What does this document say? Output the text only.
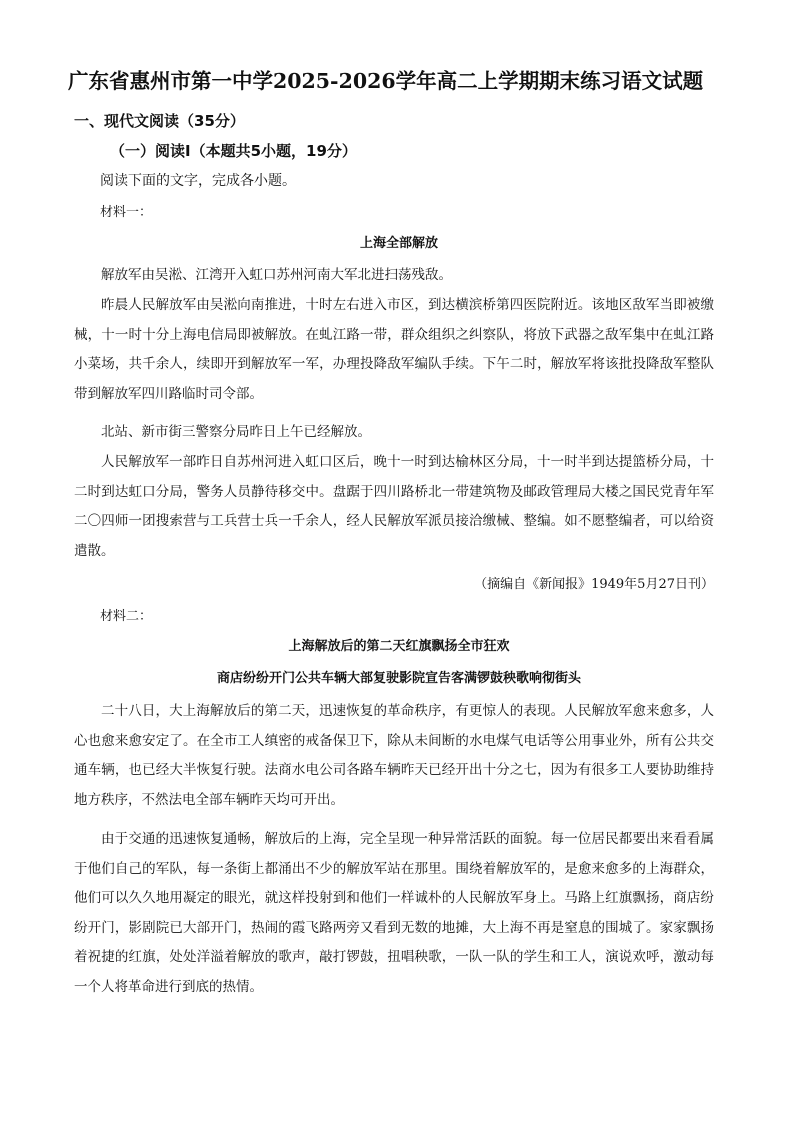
广东省惠州市第一中学2025-2026学年高二上学期期末练习语文试题
一、现代文阅读（35分）
（一）阅读Ⅰ（本题共5小题，19分）

阅读下面的文字，完成各小题。

材料一：

上海全部解放

解放军由吴淞、江湾开入虹口苏州河南大军北进扫荡残敌。

昨晨人民解放军由吴淞向南推进，十时左右进入市区，到达横滨桥第四医院附近。该地区敌军当即被缴械，十一时十分上海电信局即被解放。在虬江路一带，群众组织之纠察队，将放下武器之敌军集中在虬江路小菜场，共千余人，续即开到解放军一军，办理投降敌军编队手续。下午二时，解放军将该批投降敌军整队带到解放军四川路临时司令部。

北站、新市街三警察分局昨日上午已经解放。

人民解放军一部昨日自苏州河进入虹口区后，晚十一时到达榆林区分局，十一时半到达提篮桥分局，十二时到达虹口分局，警务人员静待移交中。盘踞于四川路桥北一带建筑物及邮政管理局大楼之国民党青年军二〇四师一团搜索营与工兵营士兵一千余人，经人民解放军派员接洽缴械、整编。如不愿整编者，可以给资遣散。

（摘编自《新闻报》1949年5月27日刊）

材料二：

上海解放后的第二天红旗飘扬全市狂欢

商店纷纷开门公共车辆大部复驶影院宣告客满锣鼓秧歌响彻街头

二十八日，大上海解放后的第二天，迅速恢复的革命秩序，有更惊人的表现。人民解放军愈来愈多，人心也愈来愈安定了。在全市工人缜密的戒备保卫下，除从未间断的水电煤气电话等公用事业外，所有公共交通车辆，也已经大半恢复行驶。法商水电公司各路车辆昨天已经开出十分之七，因为有很多工人要协助维持地方秩序，不然法电全部车辆昨天均可开出。

由于交通的迅速恢复通畅，解放后的上海，完全呈现一种异常活跃的面貌。每一位居民都要出来看看属于他们自己的军队，每一条街上都涌出不少的解放军站在那里。围绕着解放军的，是愈来愈多的上海群众，他们可以久久地用凝定的眼光，就这样投射到和他们一样诚朴的人民解放军身上。马路上红旗飘扬，商店纷纷开门，影剧院已大部开门，热闹的霞飞路两旁又看到无数的地摊，大上海不再是窒息的围城了。家家飘扬着祝捷的红旗，处处洋溢着解放的歌声，敲打锣鼓，扭唱秧歌，一队一队的学生和工人，演说欢呼，激动每一个人将革命进行到底的热情。
